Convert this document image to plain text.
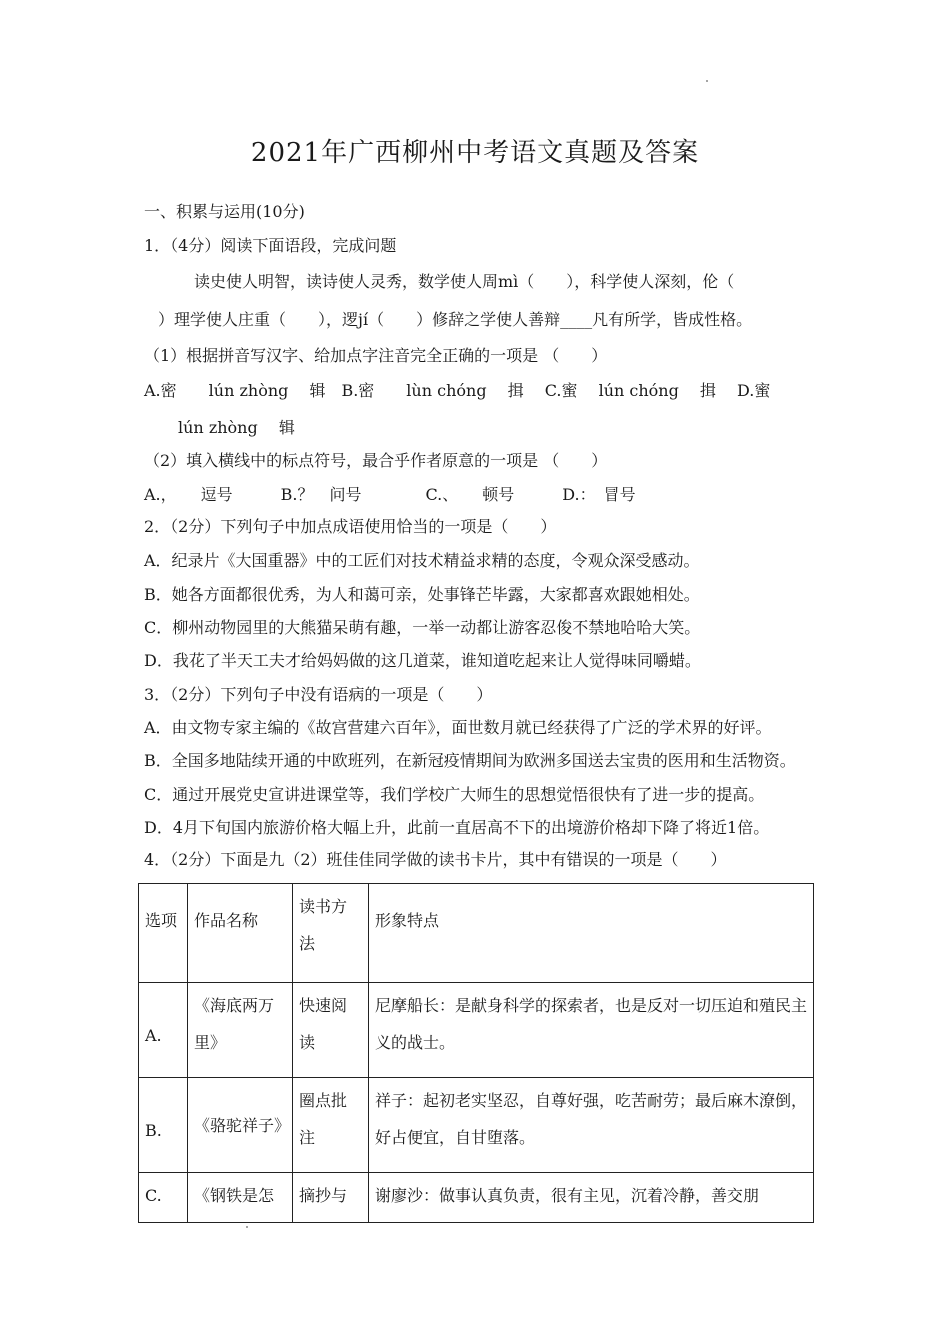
2021年广西柳州中考语文真题及答案
一、积累与运用(10分)
1．（4分）阅读下面语段，完成问题
读史使人明智，读诗使人灵秀，数学使人周mì（　　），科学使人深刻，伦（
）理学使人庄重（　　），逻jí（　　）修辞之学使人善辩____凡有所学，皆成性格。
（1）根据拼音写汉字、给加点字注音完全正确的一项是 （　　）
A.密　　lún zhòng　 辑　B.密　　lùn chóng　 揖　 C.蜜　 lún chóng　 揖　 D.蜜
lún zhòng　 辑
（2）填入横线中的标点符号，最合乎作者原意的一项是 （　　）
A.，　　逗号　　　B.？　问号　　　　C.、　　顿号　　　D.：　冒号
2．（2分）下列句子中加点成语使用恰当的一项是（　　）
A．纪录片《大国重器》中的工匠们对技术精益求精的态度，令观众深受感动。
B．她各方面都很优秀，为人和蔼可亲，处事锋芒毕露，大家都喜欢跟她相处。
C．柳州动物园里的大熊猫呆萌有趣，一举一动都让游客忍俊不禁地哈哈大笑。
D．我花了半天工夫才给妈妈做的这几道菜，谁知道吃起来让人觉得味同嚼蜡。
3．（2分）下列句子中没有语病的一项是（　　）
A．由文物专家主编的《故宫营建六百年》，面世数月就已经获得了广泛的学术界的好评。
B．全国多地陆续开通的中欧班列，在新冠疫情期间为欧洲多国送去宝贵的医用和生活物资。
C．通过开展党史宣讲进课堂等，我们学校广大师生的思想觉悟很快有了进一步的提高。
D．4月下旬国内旅游价格大幅上升，此前一直居高不下的出境游价格却下降了将近1倍。
4．（2分）下面是九（2）班佳佳同学做的读书卡片，其中有错误的一项是（　　）
选项	作品名称	读书方法	形象特点
A.	《海底两万里》	快速阅读	尼摩船长：是献身科学的探索者，也是反对一切压迫和殖民主义的战士。
B.	《骆驼祥子》	圈点批注	祥子：起初老实坚忍，自尊好强，吃苦耐劳；最后麻木潦倒，好占便宜，自甘堕落。
C.	《钢铁是怎	摘抄与	谢廖沙：做事认真负责，很有主见，沉着冷静，善交朋
